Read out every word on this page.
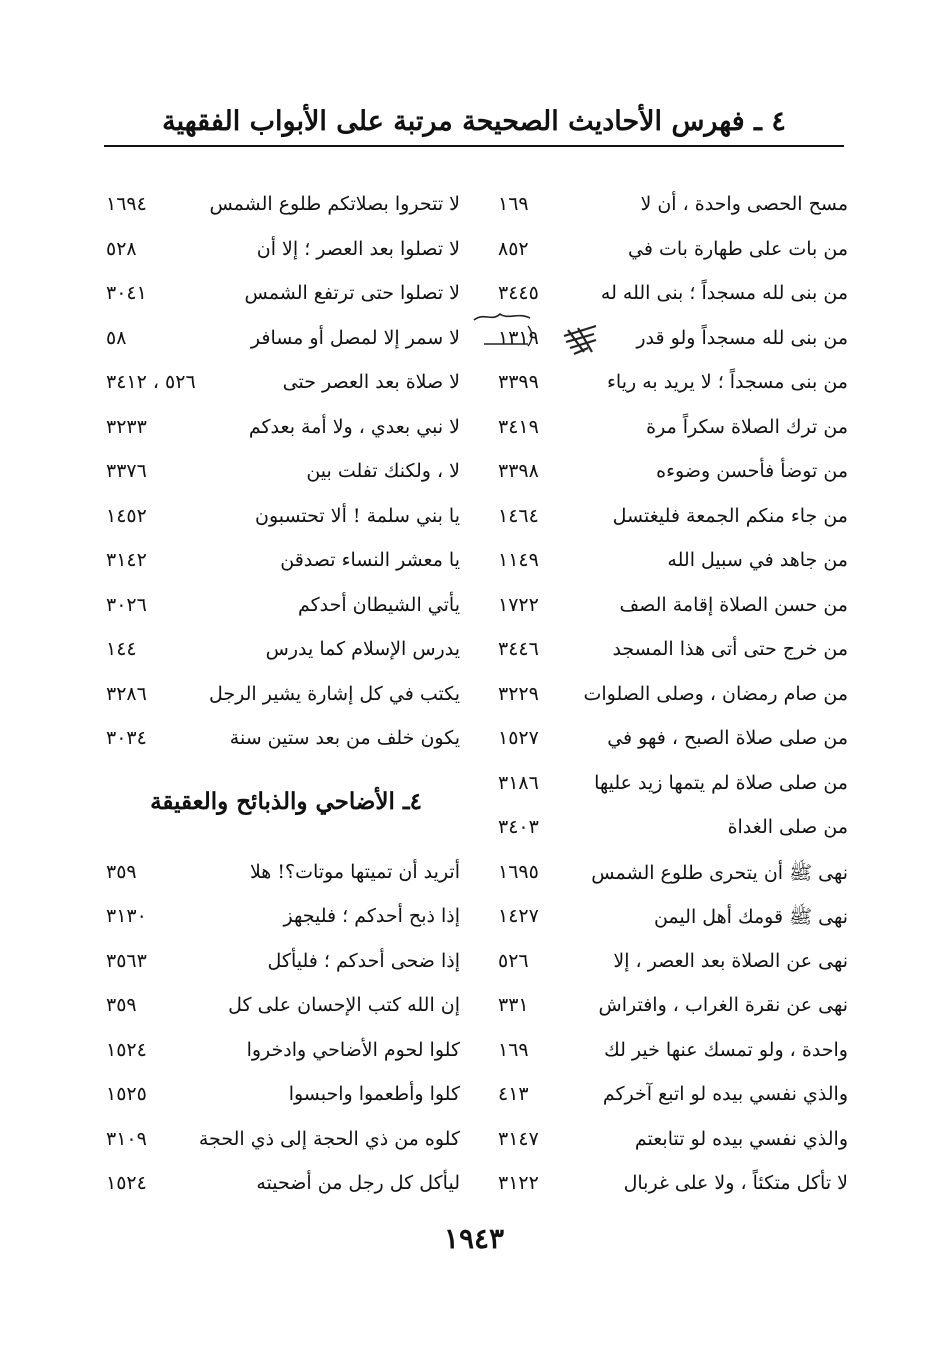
٤ ـ فهرس الأحاديث الصحيحة مرتبة على الأبواب الفقهية
مسح الحصى واحدة ، أن لا
١٦٩
من بات على طهارة بات في
٨٥٢
من بنى لله مسجداً ؛ بنى الله له
٣٤٤٥
من بنى لله مسجداً ولو قدر
١٣١٩
من بنى مسجداً ؛ لا يريد به رياء
٣٣٩٩
من ترك الصلاة سكراً مرة
٣٤١٩
من توضأ فأحسن وضوءه
٣٣٩٨
من جاء منكم الجمعة فليغتسل
١٤٦٤
من جاهد في سبيل الله
١١٤٩
من حسن الصلاة إقامة الصف
١٧٢٢
من خرج حتى أتى هذا المسجد
٣٤٤٦
من صام رمضان ، وصلى الصلوات
٣٢٢٩
من صلى صلاة الصبح ، فهو في
١٥٢٧
من صلى صلاة لم يتمها زيد عليها
٣١٨٦
من صلى الغداة
٣٤٠٣
نهى ﷺ أن يتحرى طلوع الشمس
١٦٩٥
نهى ﷺ قومك أهل اليمن
١٤٢٧
نهى عن الصلاة بعد العصر ، إلا
٥٢٦
نهى عن نقرة الغراب ، وافتراش
٣٣١
واحدة ، ولو تمسك عنها خير لك
١٦٩
والذي نفسي بيده لو اتبع آخركم
٤١٣
والذي نفسي بيده لو تتابعتم
٣١٤٧
لا تأكل متكئاً ، ولا على غربال
٣١٢٢
لا تتحروا بصلاتكم طلوع الشمس
١٦٩٤
لا تصلوا بعد العصر ؛ إلا أن
٥٢٨
لا تصلوا حتى ترتفع الشمس
٣٠٤١
لا سمر إلا لمصل أو مسافر
٥٨
لا صلاة بعد العصر حتى
٥٢٦ ، ٣٤١٢
لا نبي بعدي ، ولا أمة بعدكم
٣٢٣٣
لا ، ولكنك تفلت بين
٣٣٧٦
يا بني سلمة ! ألا تحتسبون
١٤٥٢
يا معشر النساء تصدقن
٣١٤٢
يأتي الشيطان أحدكم
٣٠٢٦
يدرس الإسلام كما يدرس
١٤٤
يكتب في كل إشارة يشير الرجل
٣٢٨٦
يكون خلف من بعد ستين سنة
٣٠٣٤
٤ـ الأضاحي والذبائح والعقيقة
أتريد أن تميتها موتات؟! هلا
٣٥٩
إذا ذبح أحدكم ؛ فليجهز
٣١٣٠
إذا ضحى أحدكم ؛ فليأكل
٣٥٦٣
إن الله كتب الإحسان على كل
٣٥٩
كلوا لحوم الأضاحي وادخروا
١٥٢٤
كلوا وأطعموا واحبسوا
١٥٢٥
كلوه من ذي الحجة إلى ذي الحجة
٣١٠٩
ليأكل كل رجل من أضحيته
١٥٢٤
١٩٤٣
